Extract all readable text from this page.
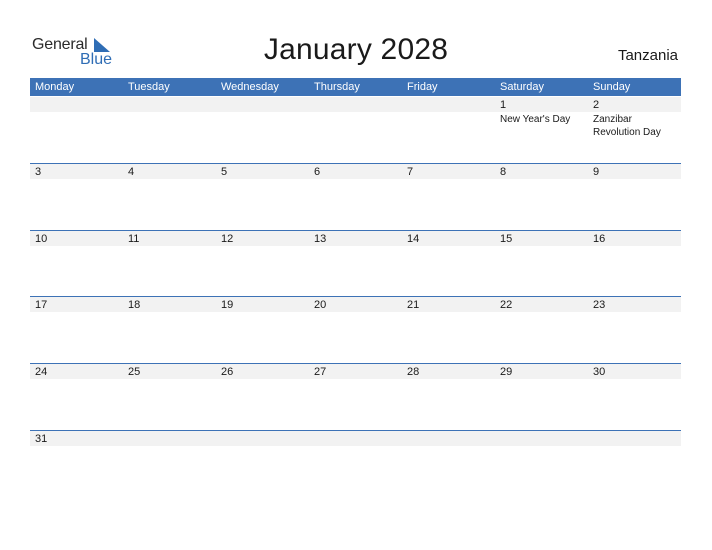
General
Blue	January 2028	Tanzania
Monday	Tuesday	Wednesday	Thursday	Friday	Saturday	Sunday
1
New Year's Day
2
Zanzibar Revolution Day
3	4	5	6	7	8	9
10	11	12	13	14	15	16
17	18	19	20	21	22	23
24	25	26	27	28	29	30
31
